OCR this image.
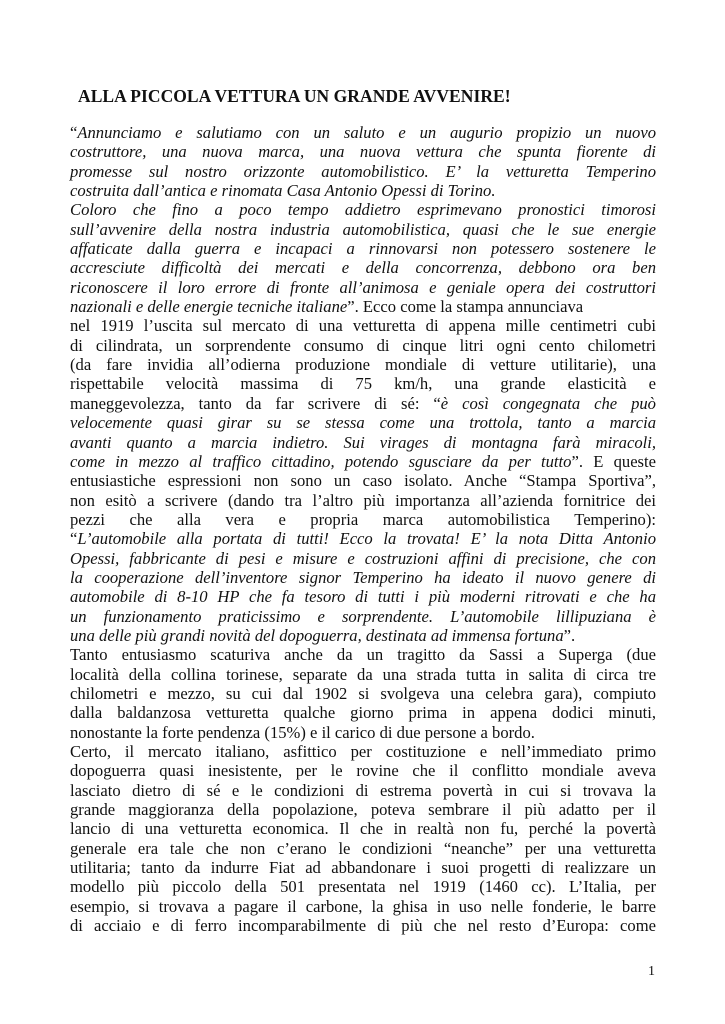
ALLA PICCOLA VETTURA UN GRANDE AVVENIRE!
“Annunciamo e salutiamo con un saluto e un augurio propizio un nuovo
costruttore, una nuova marca, una nuova vettura che spunta fiorente di
promesse sul nostro orizzonte automobilistico. E’ la vetturetta Temperino
costruita dall’antica e rinomata Casa Antonio Opessi di Torino.
Coloro che fino a poco tempo addietro esprimevano pronostici timorosi
sull’avvenire della nostra industria automobilistica, quasi che le sue energie
affaticate dalla guerra e incapaci a rinnovarsi non potessero sostenere le
accresciute difficoltà dei mercati e della concorrenza, debbono ora ben
riconoscere il loro errore di fronte all’animosa e geniale opera dei costruttori
nazionali e delle energie tecniche italiane”. Ecco come la stampa annunciava
nel 1919 l’uscita sul mercato di una vetturetta di appena mille centimetri cubi
di cilindrata, un sorprendente consumo di cinque litri ogni cento chilometri
(da fare invidia all’odierna produzione mondiale di vetture utilitarie), una
rispettabile velocità massima di 75 km/h, una grande elasticità e
maneggevolezza, tanto da far scrivere di sé: “è così congegnata che può
velocemente quasi girar su se stessa come una trottola, tanto a marcia
avanti quanto a marcia indietro. Sui virages di montagna farà miracoli,
come in mezzo al traffico cittadino, potendo sgusciare da per tutto”. E queste
entusiastiche espressioni non sono un caso isolato. Anche “Stampa Sportiva”,
non esitò a scrivere (dando tra l’altro più importanza all’azienda fornitrice dei
pezzi che alla vera e propria marca automobilistica Temperino):
“L’automobile alla portata di tutti! Ecco la trovata! E’ la nota Ditta Antonio
Opessi, fabbricante di pesi e misure e costruzioni affini di precisione, che con
la cooperazione dell’inventore signor Temperino ha ideato il nuovo genere di
automobile di 8-10 HP che fa tesoro di tutti i più moderni ritrovati e che ha
un funzionamento praticissimo e sorprendente. L’automobile lillipuziana è
una delle più grandi novità del dopoguerra, destinata ad immensa fortuna”.
Tanto entusiasmo scaturiva anche da un tragitto da Sassi a Superga (due
località della collina torinese, separate da una strada tutta in salita di circa tre
chilometri e mezzo, su cui dal 1902 si svolgeva una celebra gara), compiuto
dalla baldanzosa vetturetta qualche giorno prima in appena dodici minuti,
nonostante la forte pendenza (15%) e il carico di due persone a bordo.
Certo, il mercato italiano, asfittico per costituzione e nell’immediato primo
dopoguerra quasi inesistente, per le rovine che il conflitto mondiale aveva
lasciato dietro di sé e le condizioni di estrema povertà in cui si trovava la
grande maggioranza della popolazione, poteva sembrare il più adatto per il
lancio di una vetturetta economica. Il che in realtà non fu, perché la povertà
generale era tale che non c’erano le condizioni “neanche” per una vetturetta
utilitaria; tanto da indurre Fiat ad abbandonare i suoi progetti di realizzare un
modello più piccolo della 501 presentata nel 1919 (1460 cc). L’Italia, per
esempio, si trovava a pagare il carbone, la ghisa in uso nelle fonderie, le barre
di acciaio e di ferro incomparabilmente di più che nel resto d’Europa: come
1
